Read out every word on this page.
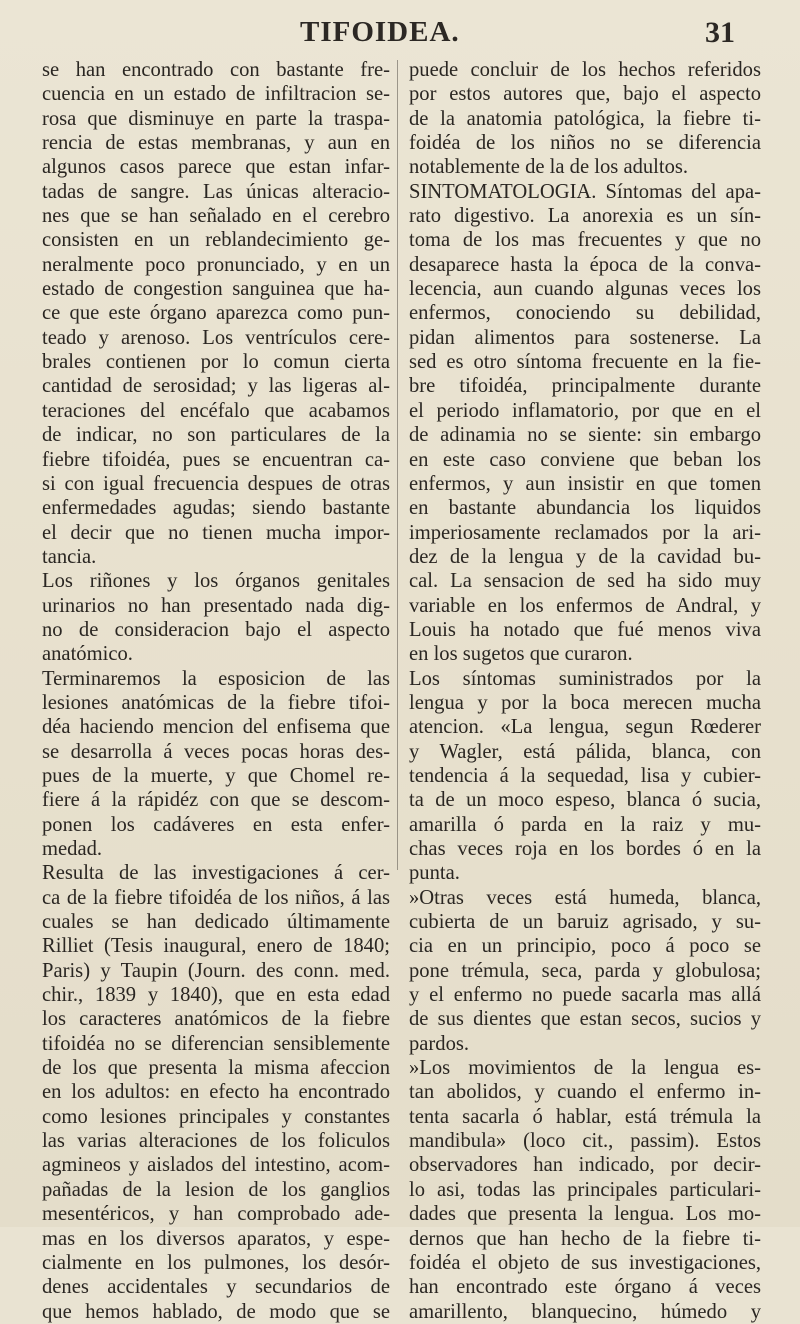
TIFOIDEA.	31
se han encontrado con bastante fre-
cuencia en un estado de infiltracion se-
rosa que disminuye en parte la traspa-
rencia de estas membranas, y aun en
algunos casos parece que estan infar-
tadas de sangre. Las únicas alteracio-
nes que se han señalado en el cerebro
consisten en un reblandecimiento ge-
neralmente poco pronunciado, y en un
estado de congestion sanguinea que ha-
ce que este órgano aparezca como pun-
teado y arenoso. Los ventrículos cere-
brales contienen por lo comun cierta
cantidad de serosidad; y las ligeras al-
teraciones del encéfalo que acabamos
de indicar, no son particulares de la
fiebre tifoidéa, pues se encuentran ca-
si con igual frecuencia despues de otras
enfermedades agudas; siendo bastante
el decir que no tienen mucha impor-
tancia.
Los riñones y los órganos genitales
urinarios no han presentado nada dig-
no de consideracion bajo el aspecto
anatómico.
Terminaremos la esposicion de las
lesiones anatómicas de la fiebre tifoi-
déa haciendo mencion del enfisema que
se desarrolla á veces pocas horas des-
pues de la muerte, y que Chomel re-
fiere á la rápidéz con que se descom-
ponen los cadáveres en esta enfer-
medad.
Resulta de las investigaciones á cer-
ca de la fiebre tifoidéa de los niños, á las
cuales se han dedicado últimamente
Rilliet (Tesis inaugural, enero de 1840;
Paris) y Taupin (Journ. des conn. med.
chir., 1839 y 1840), que en esta edad
los caracteres anatómicos de la fiebre
tifoidéa no se diferencian sensiblemente
de los que presenta la misma afeccion
en los adultos: en efecto ha encontrado
como lesiones principales y constantes
las varias alteraciones de los foliculos
agmineos y aislados del intestino, acom-
pañadas de la lesion de los ganglios
mesentéricos, y han comprobado ade-
mas en los diversos aparatos, y espe-
cialmente en los pulmones, los desór-
denes accidentales y secundarios de
que hemos hablado, de modo que se
puede concluir de los hechos referidos
por estos autores que, bajo el aspecto
de la anatomia patológica, la fiebre ti-
foidéa de los niños no se diferencia
notablemente de la de los adultos.
SINTOMATOLOGIA. Síntomas del apa-
rato digestivo. La anorexia es un sín-
toma de los mas frecuentes y que no
desaparece hasta la época de la conva-
lecencia, aun cuando algunas veces los
enfermos, conociendo su debilidad,
pidan alimentos para sostenerse. La
sed es otro síntoma frecuente en la fie-
bre tifoidéa, principalmente durante
el periodo inflamatorio, por que en el
de adinamia no se siente: sin embargo
en este caso conviene que beban los
enfermos, y aun insistir en que tomen
en bastante abundancia los liquidos
imperiosamente reclamados por la ari-
dez de la lengua y de la cavidad bu-
cal. La sensacion de sed ha sido muy
variable en los enfermos de Andral, y
Louis ha notado que fué menos viva
en los sugetos que curaron.
Los síntomas suministrados por la
lengua y por la boca merecen mucha
atencion. «La lengua, segun Rœderer
y Wagler, está pálida, blanca, con
tendencia á la sequedad, lisa y cubier-
ta de un moco espeso, blanca ó sucia,
amarilla ó parda en la raiz y mu-
chas veces roja en los bordes ó en la
punta.
»Otras veces está humeda, blanca,
cubierta de un baruiz agrisado, y su-
cia en un principio, poco á poco se
pone trémula, seca, parda y globulosa;
y el enfermo no puede sacarla mas allá
de sus dientes que estan secos, sucios y
pardos.
»Los movimientos de la lengua es-
tan abolidos, y cuando el enfermo in-
tenta sacarla ó hablar, está trémula la
mandibula» (loco cit., passim). Estos
observadores han indicado, por decir-
lo asi, todas las principales particulari-
dades que presenta la lengua. Los mo-
dernos que han hecho de la fiebre ti-
foidéa el objeto de sus investigaciones,
han encontrado este órgano á veces
amarillento, blanquecino, húmedo y
